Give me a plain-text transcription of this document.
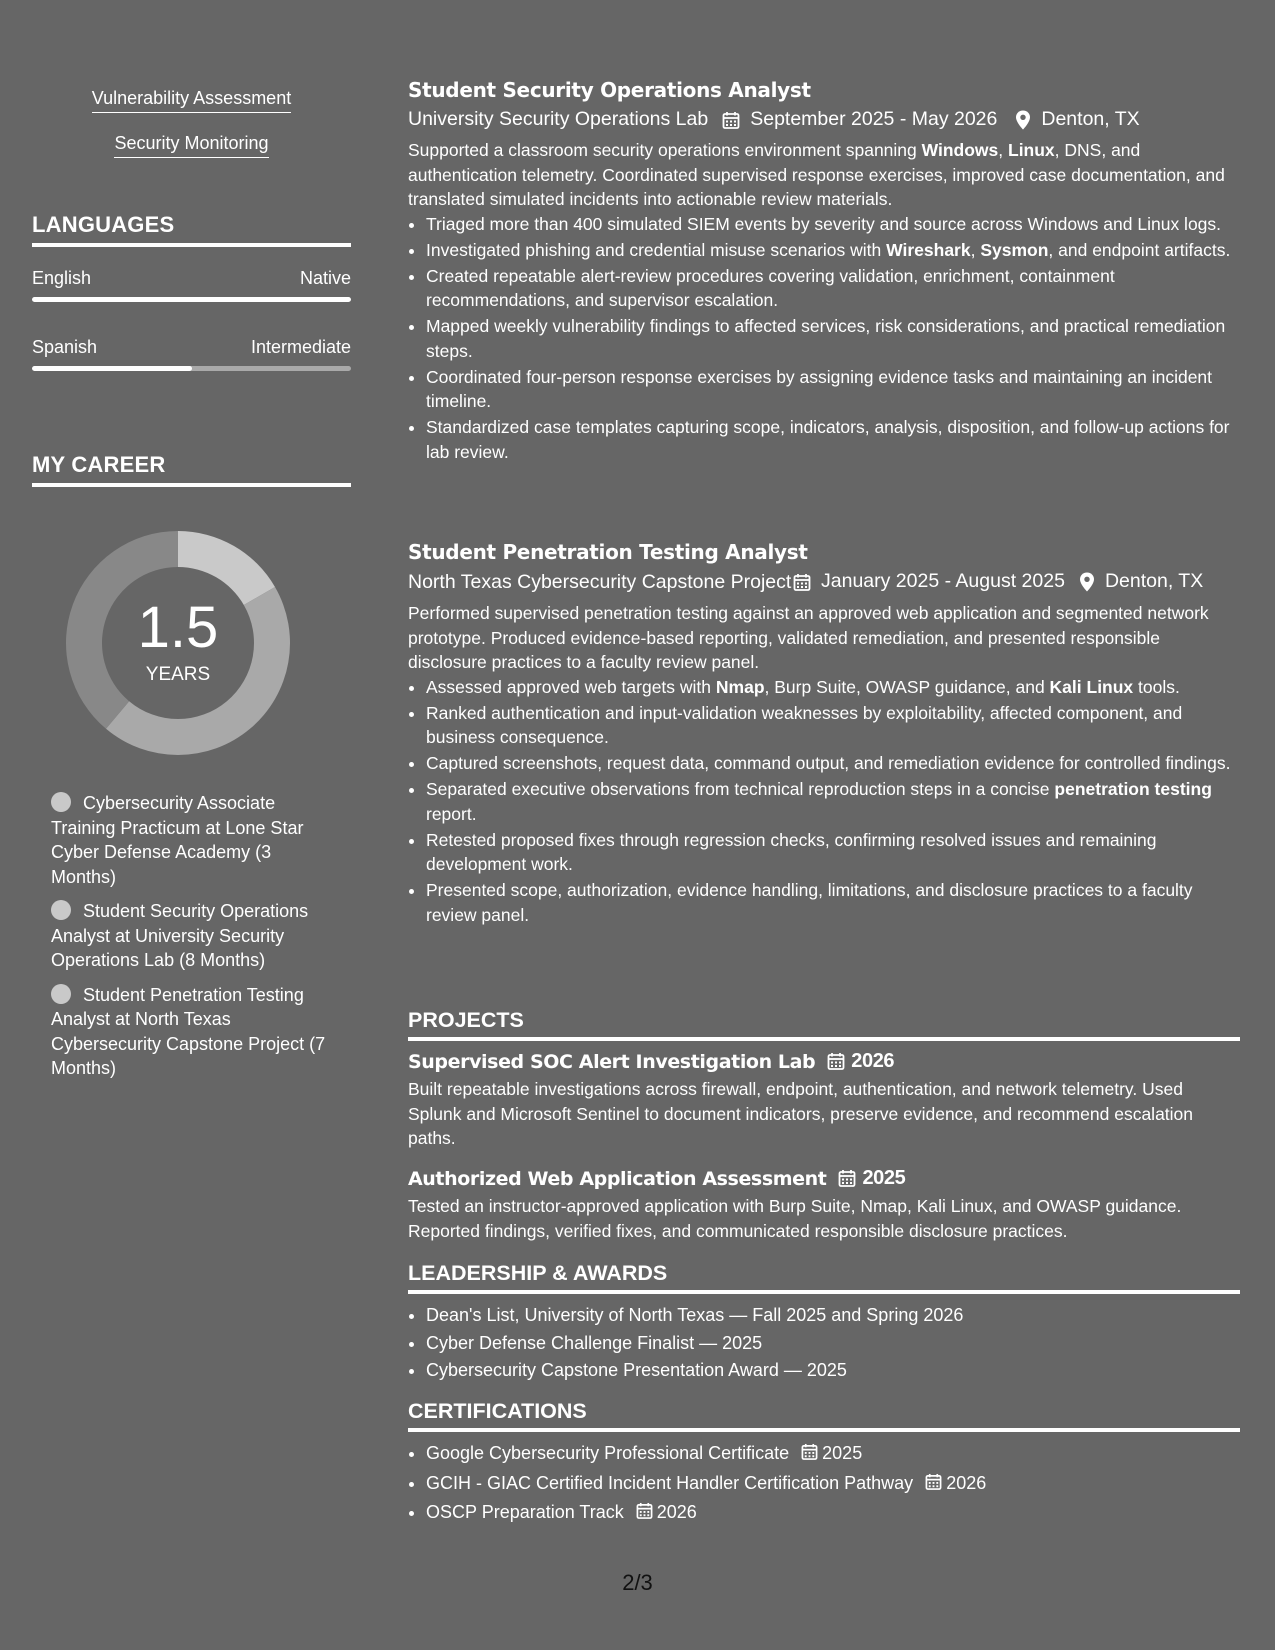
Vulnerability Assessment
Security Monitoring
LANGUAGES
English	Native
Spanish	Intermediate
MY CAREER
1.5
YEARS
Cybersecurity Associate Training Practicum at Lone Star Cyber Defense Academy (3 Months)
Student Security Operations Analyst at University Security Operations Lab (8 Months)
Student Penetration Testing Analyst at North Texas Cybersecurity Capstone Project (7 Months)
Student Security Operations Analyst
University Security Operations Lab September 2025 - May 2026 Denton, TX
Supported a classroom security operations environment spanning Windows, Linux, DNS, and authentication telemetry. Coordinated supervised response exercises, improved case documentation, and translated simulated incidents into actionable review materials.
• Triaged more than 400 simulated SIEM events by severity and source across Windows and Linux logs.
• Investigated phishing and credential misuse scenarios with Wireshark, Sysmon, and endpoint artifacts.
• Created repeatable alert-review procedures covering validation, enrichment, containment recommendations, and supervisor escalation.
• Mapped weekly vulnerability findings to affected services, risk considerations, and practical remediation steps.
• Coordinated four-person response exercises by assigning evidence tasks and maintaining an incident timeline.
• Standardized case templates capturing scope, indicators, analysis, disposition, and follow-up actions for lab review.
Student Penetration Testing Analyst
North Texas Cybersecurity Capstone Project January 2025 - August 2025 Denton, TX
Performed supervised penetration testing against an approved web application and segmented network prototype. Produced evidence-based reporting, validated remediation, and presented responsible disclosure practices to a faculty review panel.
• Assessed approved web targets with Nmap, Burp Suite, OWASP guidance, and Kali Linux tools.
• Ranked authentication and input-validation weaknesses by exploitability, affected component, and business consequence.
• Captured screenshots, request data, command output, and remediation evidence for controlled findings.
• Separated executive observations from technical reproduction steps in a concise penetration testing report.
• Retested proposed fixes through regression checks, confirming resolved issues and remaining development work.
• Presented scope, authorization, evidence handling, limitations, and disclosure practices to a faculty review panel.
PROJECTS
Supervised SOC Alert Investigation Lab 2026
Built repeatable investigations across firewall, endpoint, authentication, and network telemetry. Used Splunk and Microsoft Sentinel to document indicators, preserve evidence, and recommend escalation paths.
Authorized Web Application Assessment 2025
Tested an instructor-approved application with Burp Suite, Nmap, Kali Linux, and OWASP guidance. Reported findings, verified fixes, and communicated responsible disclosure practices.
LEADERSHIP & AWARDS
• Dean's List, University of North Texas — Fall 2025 and Spring 2026
• Cyber Defense Challenge Finalist — 2025
• Cybersecurity Capstone Presentation Award — 2025
CERTIFICATIONS
• Google Cybersecurity Professional Certificate 2025
• GCIH - GIAC Certified Incident Handler Certification Pathway 2026
• OSCP Preparation Track 2026
2/3
